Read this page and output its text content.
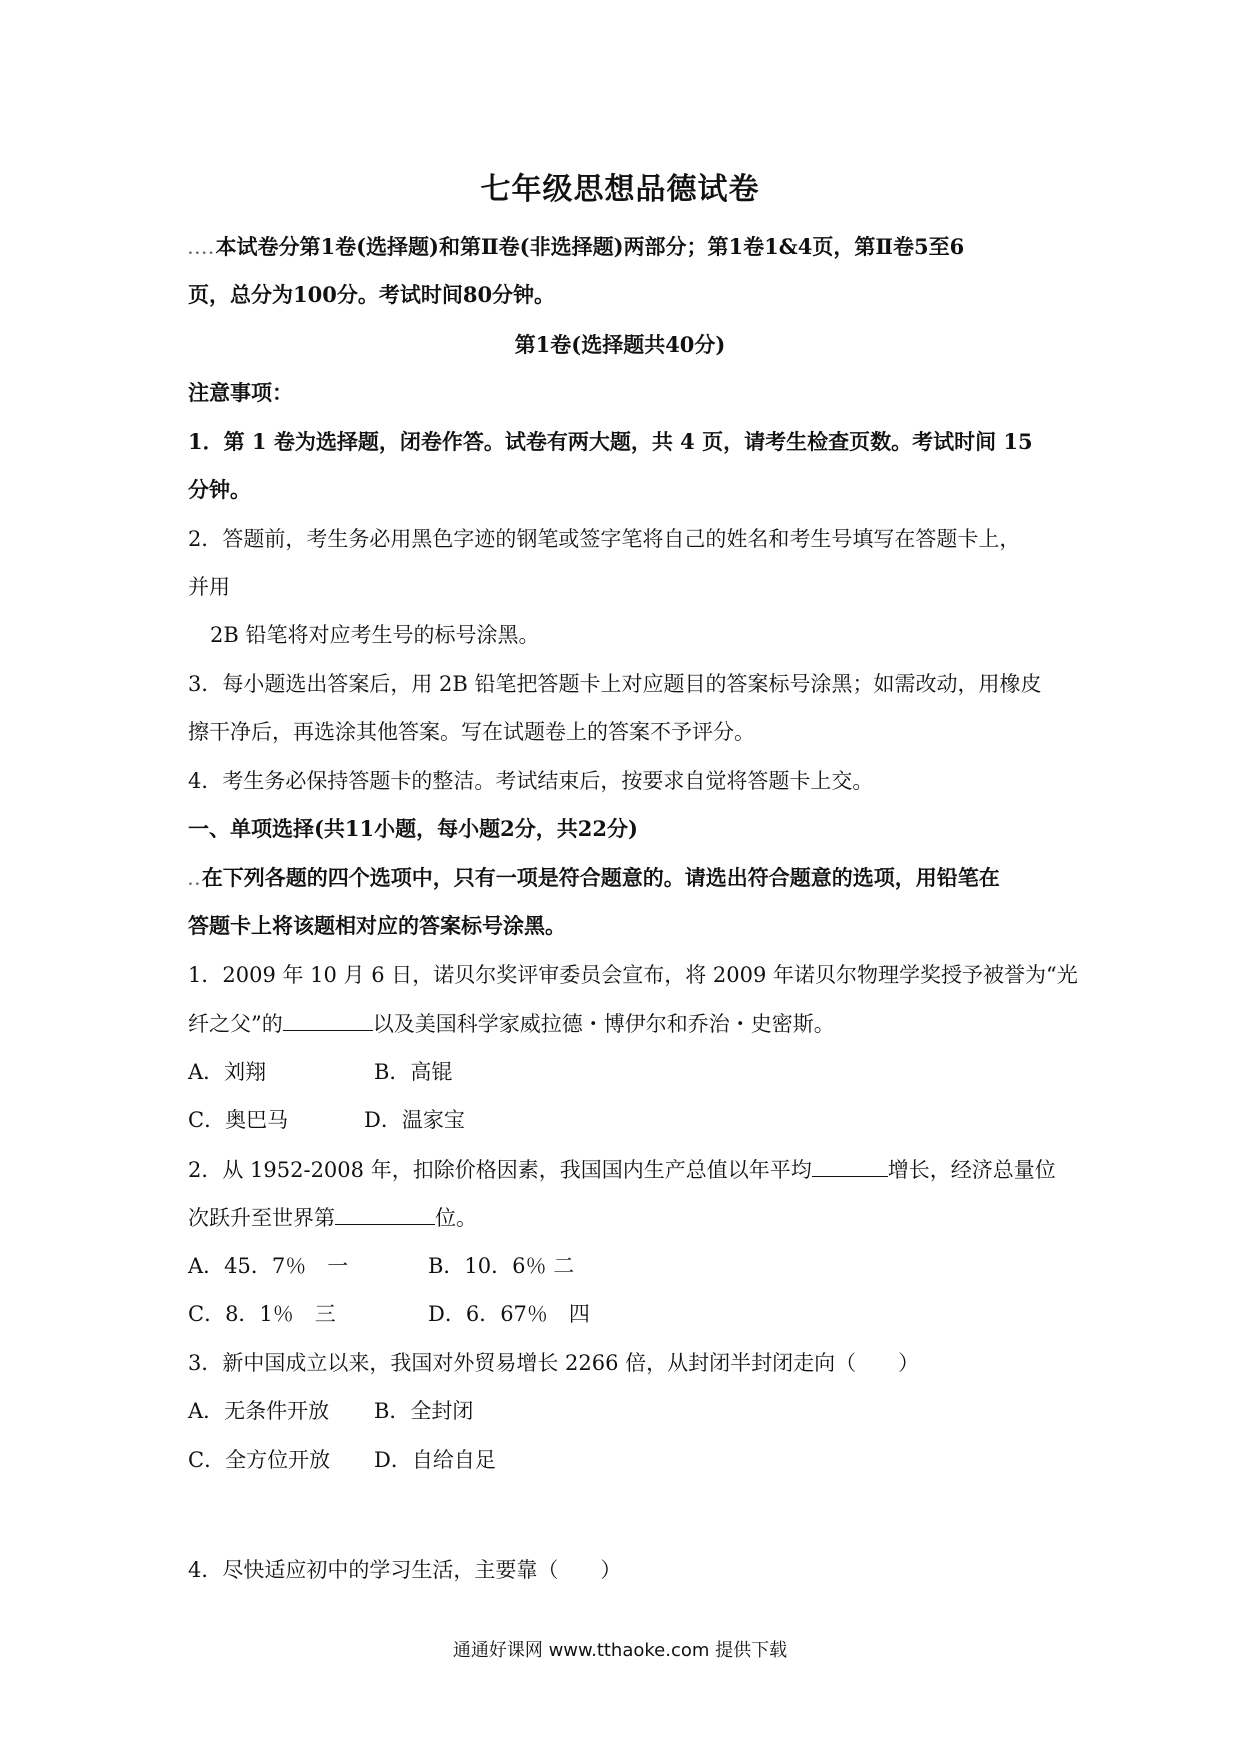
七年级思想品德试卷
....本试卷分第1卷(选择题)和第Ⅱ卷(非选择题)两部分；第1卷1&4页，第Ⅱ卷5至6
页，总分为100分。考试时间80分钟。
第1卷(选择题共40分)
注意事项：
1．第 1 卷为选择题，闭卷作答。试卷有两大题，共 4 页，请考生检查页数。考试时间 15
分钟。
2．答题前，考生务必用黑色字迹的钢笔或签字笔将自己的姓名和考生号填写在答题卡上，
并用
2B 铅笔将对应考生号的标号涂黑。
3．每小题选出答案后，用 2B 铅笔把答题卡上对应题目的答案标号涂黑；如需改动，用橡皮
擦干净后，再选涂其他答案。写在试题卷上的答案不予评分。
4．考生务必保持答题卡的整洁。考试结束后，按要求自觉将答题卡上交。
一、单项选择(共11小题，每小题2分，共22分)
..在下列各题的四个选项中，只有一项是符合题意的。请选出符合题意的选项，用铅笔在
答题卡上将该题相对应的答案标号涂黑。
1．2009 年 10 月 6 日，诺贝尔奖评审委员会宣布，将 2009 年诺贝尔物理学奖授予被誉为“光
纤之父”的	以及美国科学家威拉德・博伊尔和乔治・史密斯。
A．刘翔	B．高锟
C．奥巴马	D．温家宝
2．从 1952-2008 年，扣除价格因素，我国国内生产总值以年平均	增长，经济总量位
次跃升至世界第	位。
A．45．7％　一	B．10．6％ 二
C．8．1％　三	D．6．67％　四
3．新中国成立以来，我国对外贸易增长 2266 倍，从封闭半封闭走向（　　）
A．无条件开放 B．全封闭
C．全方位开放 D．自给自足
4．尽快适应初中的学习生活，主要靠（　　）
通通好课网 www.tthaoke.com 提供下载
